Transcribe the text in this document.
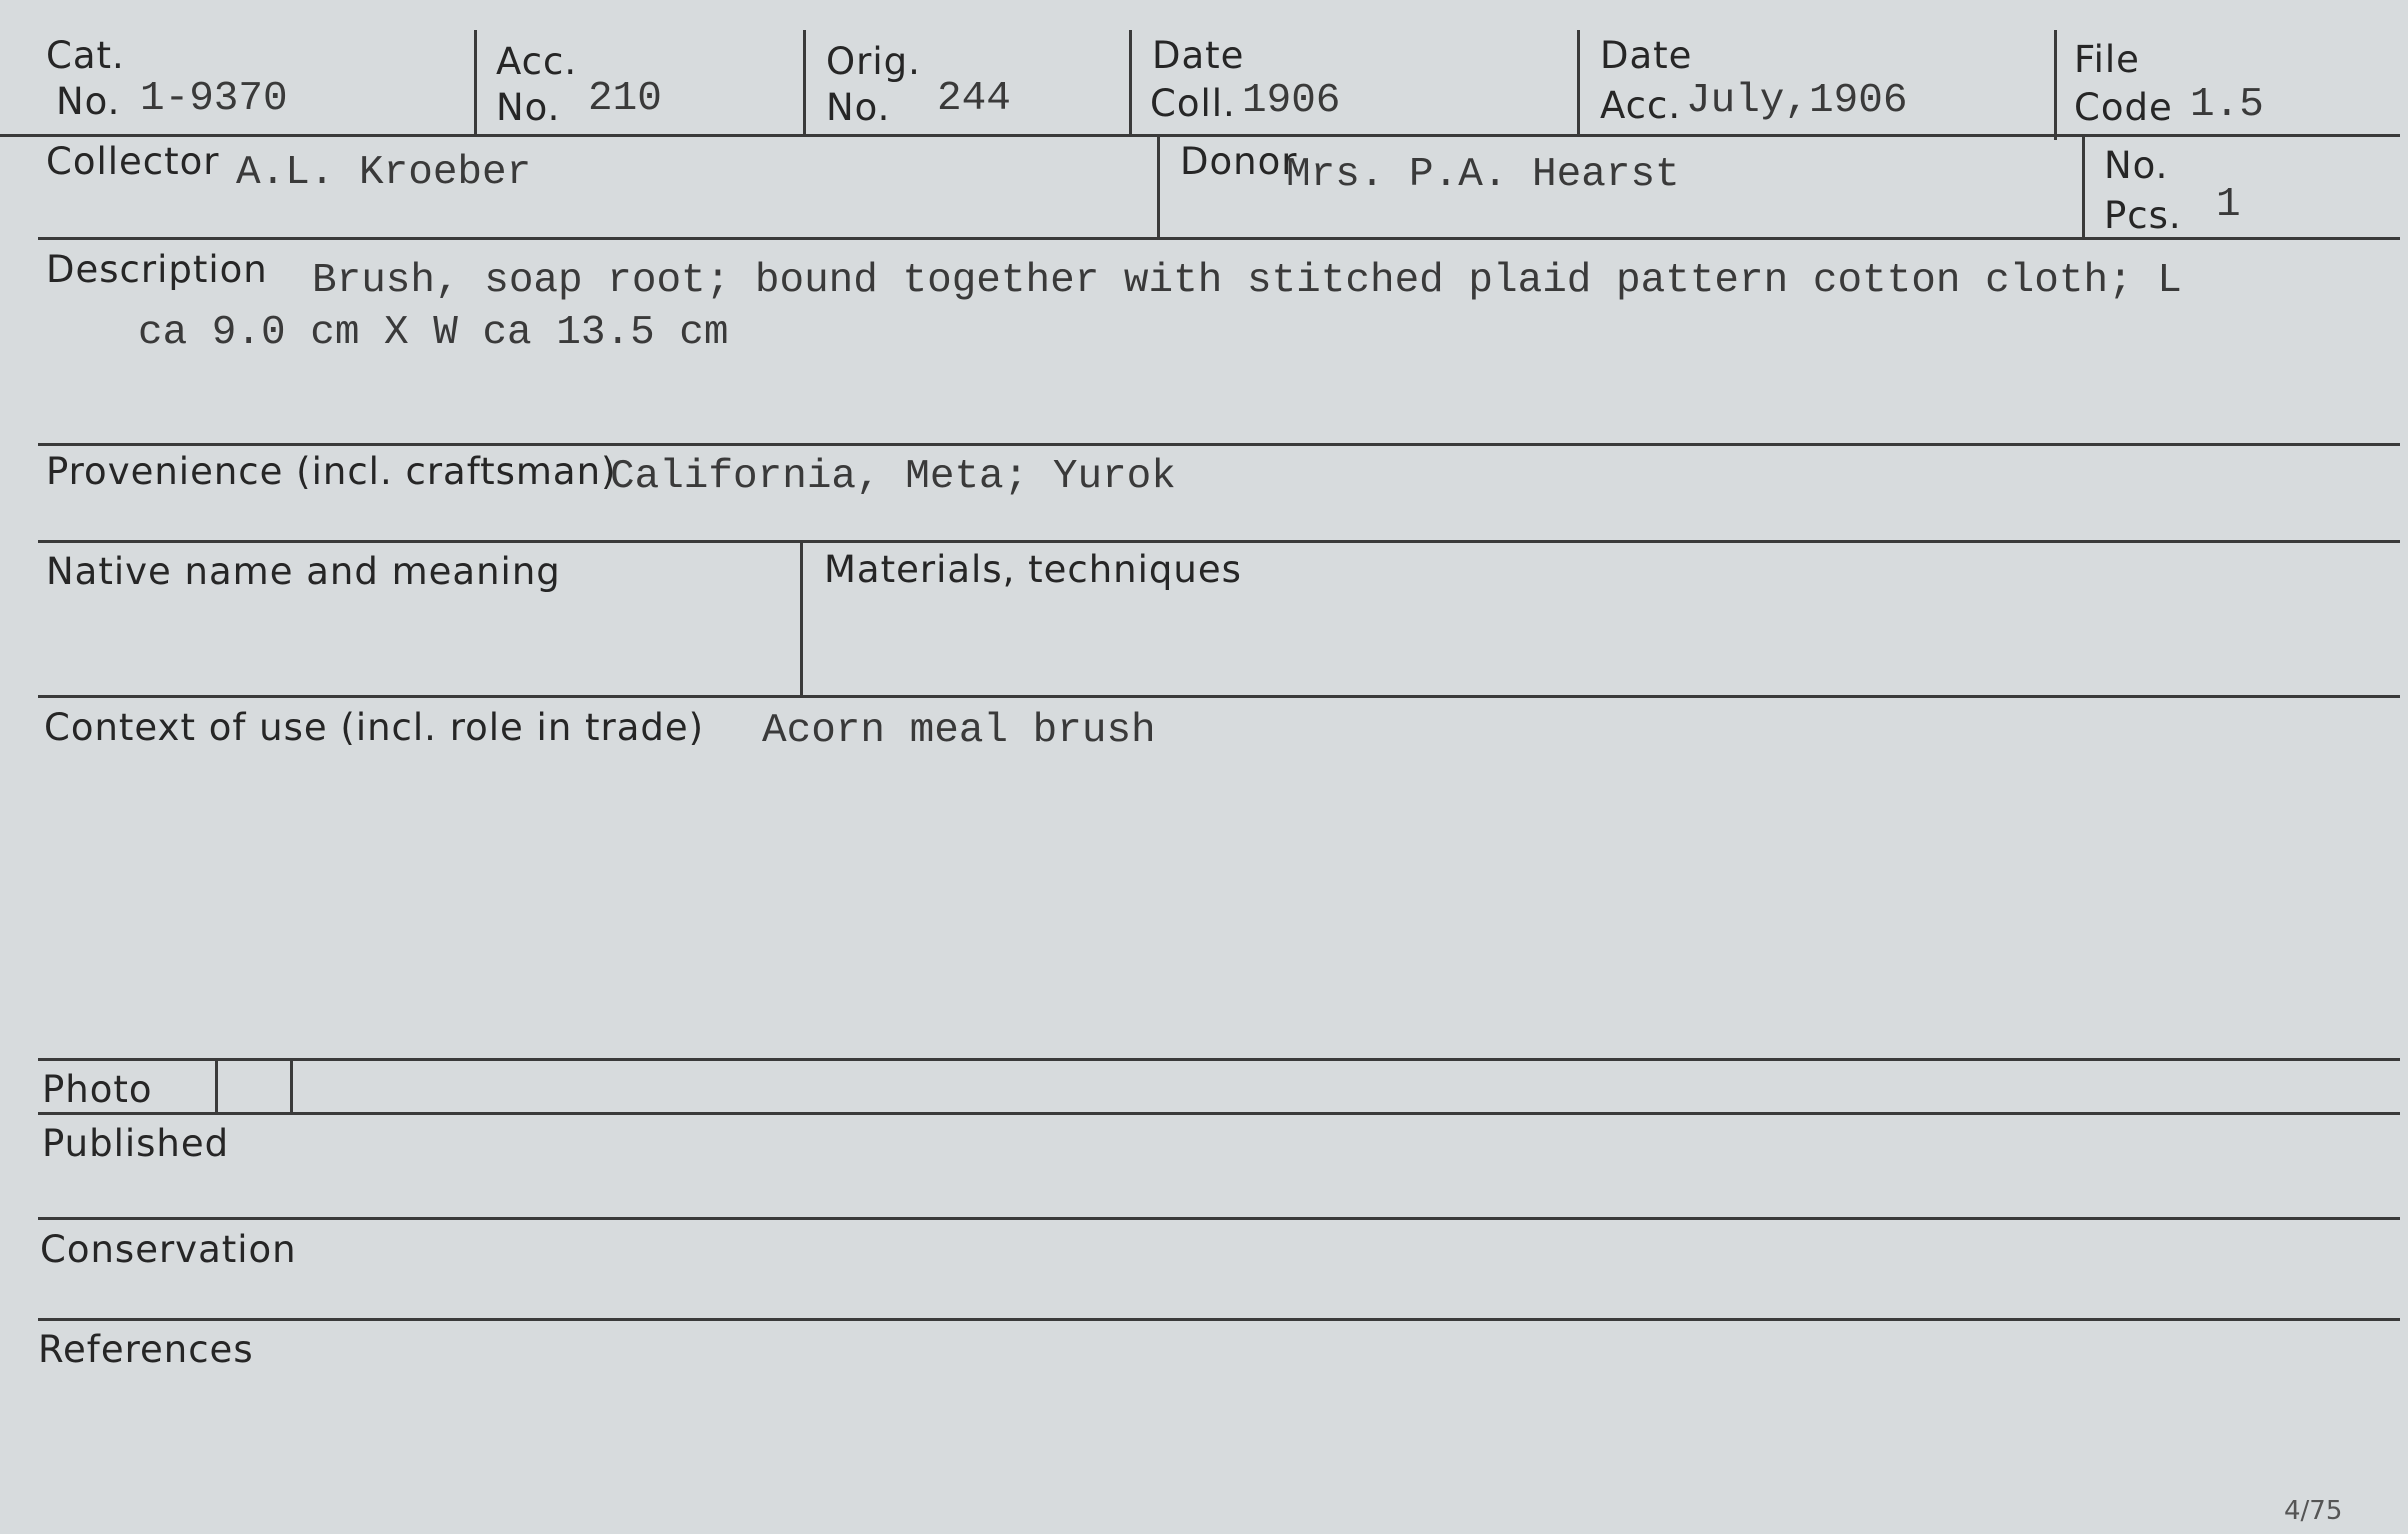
Cat.
No. 1-9370
Acc.
No. 210
Orig.
No. 244
Date
Coll. 1906
Date
Acc. July,1906
File
Code 1.5
Collector A.L. Kroeber	Donor
Mrs. P.A. Hearst	No.
Pcs. 1
Description Brush, soap root; bound together with stitched plaid pattern cotton cloth; L
ca 9.0 cm X W ca 13.5 cm
Provenience (incl. craftsman)
California, Meta; Yurok
Native name and meaning	Materials, techniques
Context of use (incl. role in trade) Acorn meal brush
Photo
Published
Conservation
References
4/75
